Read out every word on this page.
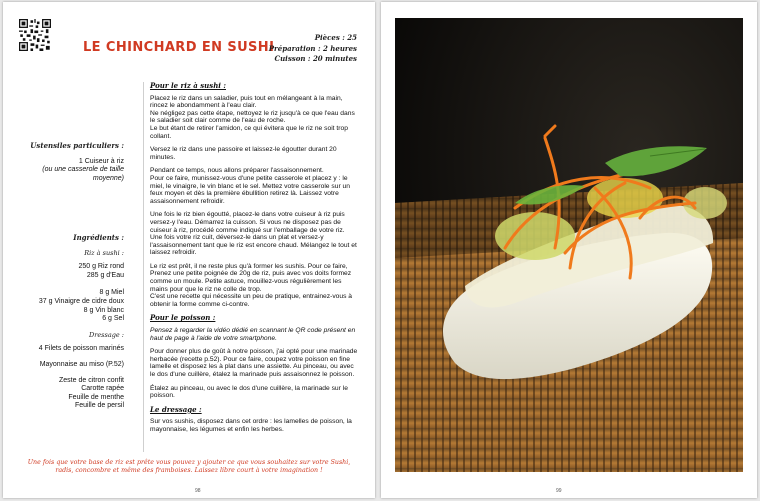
LE CHINCHARD EN SUSHI
Pièces : 25
Préparation : 2 heures
Cuisson : 20 minutes
Ustensiles particuliers :
1 Cuiseur à riz
(ou une casserole de taille moyenne)
Ingrédients :
Riz à sushi :
250 g Riz rond
285 g d'Eau
8 g Miel
37 g Vinaigre de cidre doux
8 g Vin blanc
6 g Sel
Dressage :
4 Filets de poisson marinés
Mayonnaise au miso (P.52)
Zeste de citron confit
Carotte rapée
Feuille de menthe
Feuille de persil
Pour le riz à sushi :

Placez le riz dans un saladier, puis tout en mélangeant à la main, rincez le abondamment à l'eau clair.
Ne négligez pas cette étape, nettoyez le riz jusqu'à ce que l'eau dans le saladier soit clair comme de l'eau de roche.
Le but étant de retirer l'amidon, ce qui évitera que le riz ne soit trop collant.

Versez le riz dans une passoire et laissez-le égoutter durant 20 minutes.

Pendant ce temps, nous allons préparer l'assaisonnement.
Pour ce faire, munissez-vous d'une petite casserole et placez y : le miel, le vinaigre, le vin blanc et le sel. Mettez votre casserole sur un feux moyen et dès la première ébullition retirez là. Laissez votre assaisonnement refroidir.

Une fois le riz bien égoutté, placez-le dans votre cuiseur à riz puis versez-y l'eau. Démarrez la cuisson. Si vous ne disposez pas de cuiseur à riz, procédé comme indiqué sur l'emballage de votre riz.
Une fois votre riz cuit, déversez-le dans un plat et versez-y l'assaisonnement tant que le riz est encore chaud. Mélangez le tout et laissez refroidir.

Le riz est prêt, il ne reste plus qu'à former les sushis. Pour ce faire, Prenez une petite poignée de 20g de riz, puis avec vos doits formez comme un moule. Petite astuce, mouillez-vous régulièrement les mains pour que le riz ne colle de trop.
C'est une recette qui nécessite un peu de pratique, entrainez-vous à obtenir la forme comme ci-contre.

Pour le poisson :

Pensez à regarder la vidéo dédié en scannant le QR code présent en haut de page à l'aide de votre smartphone.

Pour donner plus de goût à notre poisson, j'ai opté pour une marinade herbacée (recette p.52). Pour ce faire, coupez votre poisson en fine lamelle et disposez les à plat dans une assiette. Au pinceau, ou avec le dos d'une cuillère, étalez la marinade puis assaisonnez le poisson.

Étalez au pinceau, ou avec le dos d'une cuillère, la marinade sur le poisson.

Le dressage :

Sur vos sushis, disposez dans cet ordre : les lamelles de poisson, la mayonnaise, les légumes et enfin les herbes.

Une fois que votre base de riz est prête vous pouvez y ajouter ce que vous souhaitez sur votre Sushi, radis, concombre et même des framboises. Laissez libre court à votre imagination !
98	99
